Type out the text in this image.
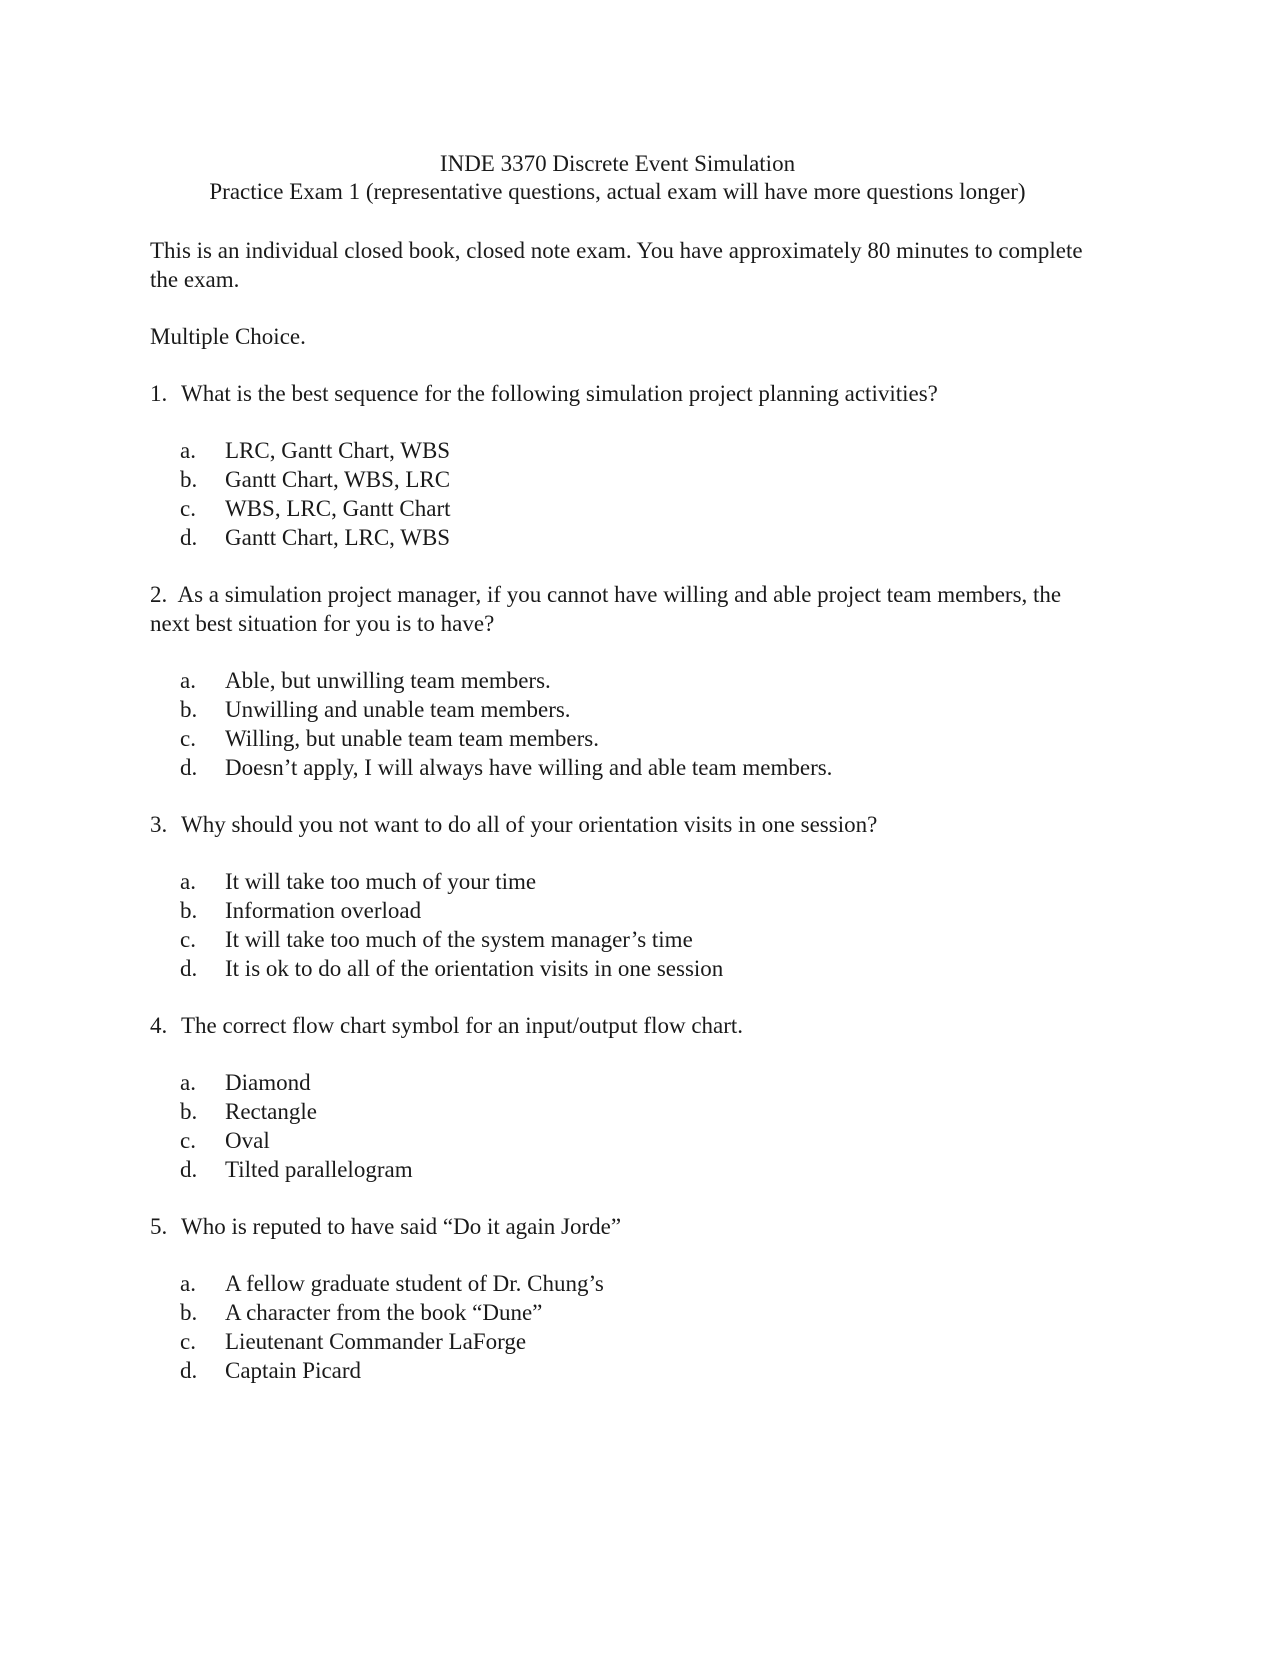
INDE 3370 Discrete Event Simulation
Practice Exam 1 (representative questions, actual exam will have more questions longer)

This is an individual closed book, closed note exam. You have approximately 80 minutes to complete the exam.

Multiple Choice.

1. What is the best sequence for the following simulation project planning activities?
a.	LRC, Gantt Chart, WBS
b.	Gantt Chart, WBS, LRC
c.	WBS, LRC, Gantt Chart
d.	Gantt Chart, LRC, WBS
2. As a simulation project manager, if you cannot have willing and able project team members, the next best situation for you is to have?
a.	Able, but unwilling team members.
b.	Unwilling and unable team members.
c.	Willing, but unable team team members.
d.	Doesn’t apply, I will always have willing and able team members.
3. Why should you not want to do all of your orientation visits in one session?
a.	It will take too much of your time
b.	Information overload
c.	It will take too much of the system manager’s time
d.	It is ok to do all of the orientation visits in one session
4. The correct flow chart symbol for an input/output flow chart.
a.	Diamond
b.	Rectangle
c.	Oval
d.	Tilted parallelogram
5. Who is reputed to have said “Do it again Jorde”
a.	A fellow graduate student of Dr. Chung’s
b.	A character from the book “Dune”
c.	Lieutenant Commander LaForge
d.	Captain Picard
